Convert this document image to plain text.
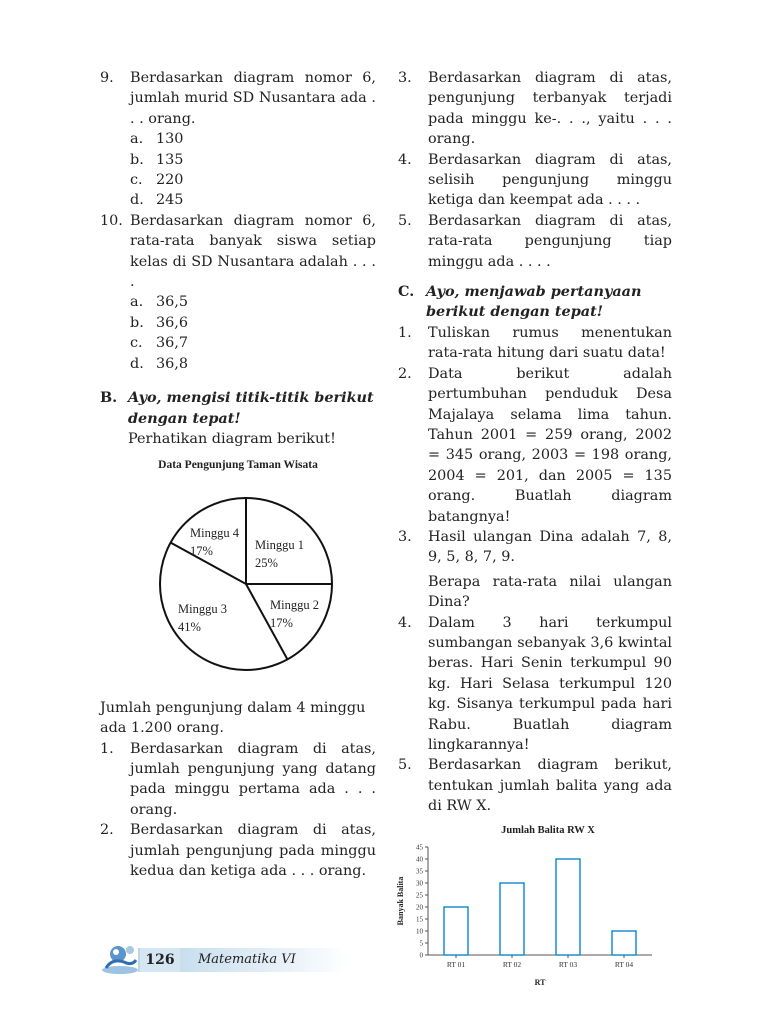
9. Berdasarkan diagram nomor 6, jumlah murid SD Nusantara ada . . . orang.
a. 130
b. 135
c. 220
d. 245
10. Berdasarkan diagram nomor 6, rata-rata banyak siswa setiap kelas di SD Nusantara adalah . . . .
a. 36,5
b. 36,6
c. 36,7
d. 36,8
B. Ayo, mengisi titik-titik berikut dengan tepat!
Perhatikan diagram berikut!
Data Pengunjung Taman Wisata
Minggu 4
17%	Minggu 1
25%
Minggu 2
17%
Minggu 3
41%
Jumlah pengunjung dalam 4 minggu ada 1.200 orang.
1. Berdasarkan diagram di atas, jumlah pengunjung yang datang pada minggu pertama ada . . . orang.
2. Berdasarkan diagram di atas, jumlah pengunjung pada minggu kedua dan ketiga ada . . . orang.
3. Berdasarkan diagram di atas, pengunjung terbanyak terjadi pada minggu ke-. . ., yaitu . . . orang.
4. Berdasarkan diagram di atas, selisih pengunjung minggu ketiga dan keempat ada . . . .
5. Berdasarkan diagram di atas, rata-rata pengunjung tiap minggu ada . . . .
C. Ayo, menjawab pertanyaan berikut dengan tepat!
1. Tuliskan rumus menentukan rata-rata hitung dari suatu data!
2. Data berikut adalah pertumbuhan penduduk Desa Majalaya selama lima tahun. Tahun 2001 = 259 orang, 2002 = 345 orang, 2003 = 198 orang, 2004 = 201, dan 2005 = 135 orang. Buatlah diagram batangnya!
3. Hasil ulangan Dina adalah 7, 8, 9, 5, 8, 7, 9.
Berapa rata-rata nilai ulangan Dina?
4. Dalam 3 hari terkumpul sumbangan sebanyak 3,6 kwintal beras. Hari Senin terkumpul 90 kg. Hari Selasa terkumpul 120 kg. Sisanya terkumpul pada hari Rabu. Buatlah diagram lingkarannya!
5. Berdasarkan diagram berikut, tentukan jumlah balita yang ada di RW X.
Jumlah Balita RW X
0
5
10
15
20
25
30
35
40
45
Banyak Balita
RT 01	RT 02	RT 03	RT 04
RT
126	Matematika VI
